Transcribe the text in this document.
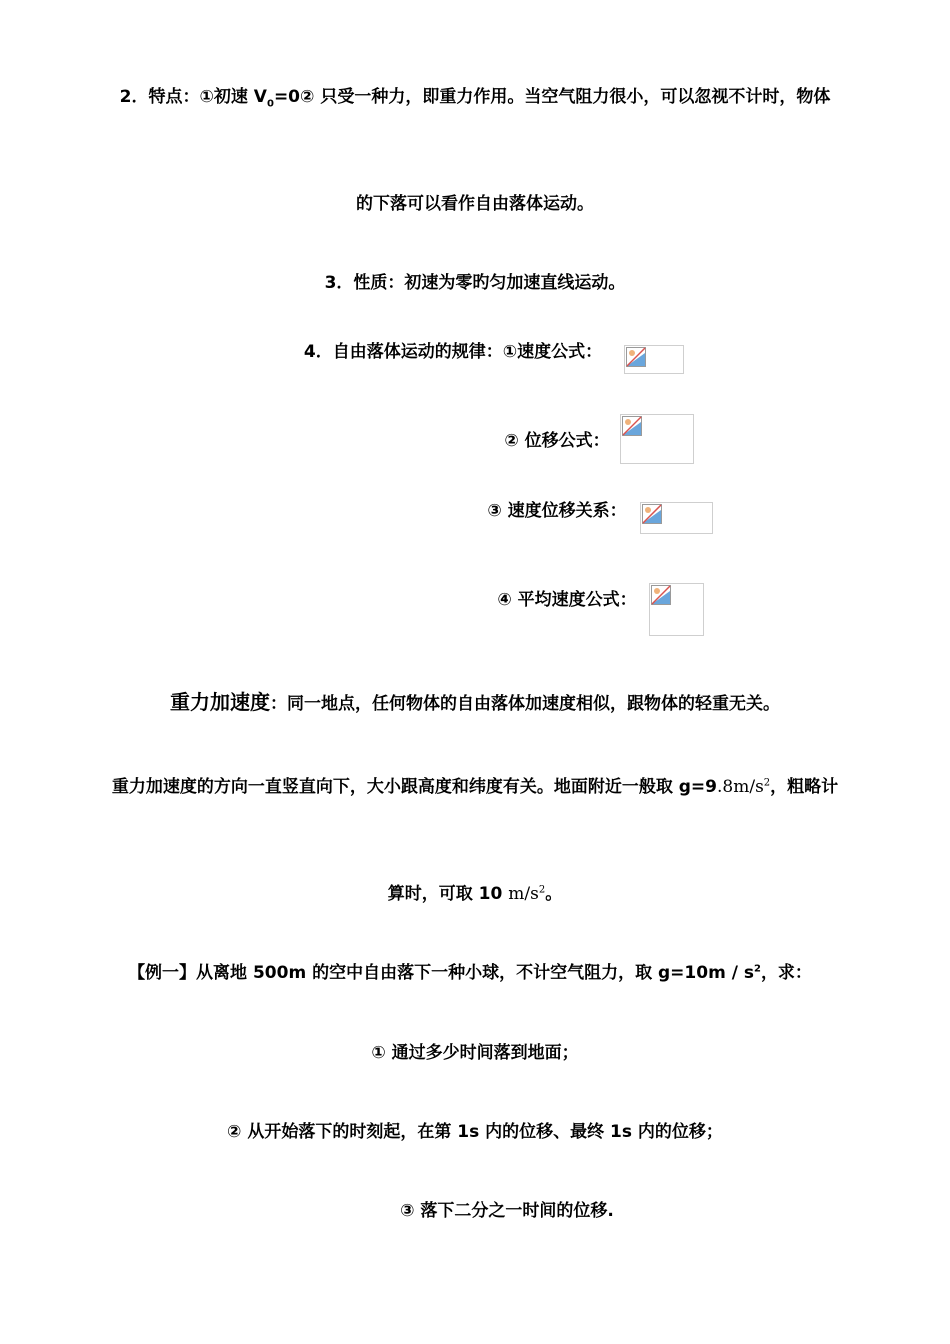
2．特点：①初速 $V_0=0②$ 只受一种力，即重力作用。当空气阻力很小，可以忽视不计时，物体
的下落可以看作自由落体运动。
3．性质：初速为零旳匀加速直线运动。
4．自由落体运动的规律：①速度公式：
② 位移公式：
③ 速度位移关系：
④ 平均速度公式：
重力加速度：同一地点，任何物体的自由落体加速度相似，跟物体的轻重无关。
重力加速度的方向一直竖直向下，大小跟高度和纬度有关。地面附近一般取 $g=9.8m/s^2$，粗略计
算时，可取 10 $m/s^2$。
【例一】从离地 500m 的空中自由落下一种小球，不计空气阻力，取 $g=10m / s^2$，求：
① 通过多少时间落到地面；
② 从开始落下的时刻起，在第 1s 内的位移、最终 1s 内的位移；
③ 落下二分之一时间的位移.
